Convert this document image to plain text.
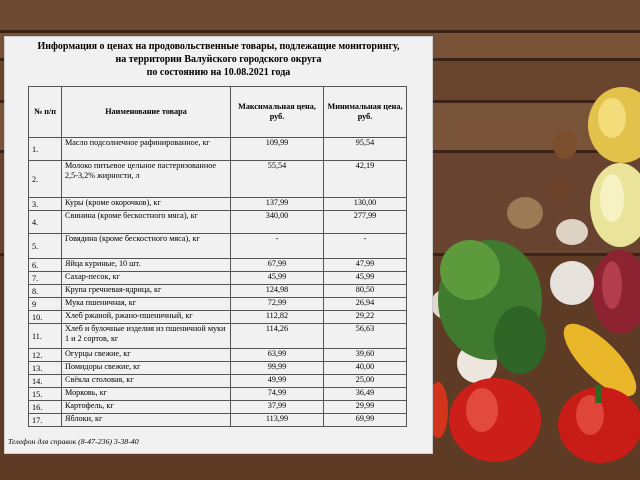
Информация о ценах на продовольственные товары, подлежащие мониторингу,
на территории Валуйского городского округа
по состоянию на 10.08.2021 года
№ п/п	Наименование товара	Максимальная цена, руб.	Минимальная цена, руб.
1.	Масло подсолнечное рафинированное, кг	109,99	95,54
2.	Молоко питьевое цельное пастеризованное 2,5-3,2% жирности, л	55,54	42,19
3.	Куры (кроме окорочков), кг	137,99	130,00
4.	Свинина (кроме бескостного мяса), кг	340,00	277,99
5.	Говядина (кроме бескостного мяса), кг	-	-
6.	Яйца куриные, 10 шт.	67,99	47,99
7.	Сахар-песок, кг	45,99	45,99
8.	Крупа гречневая-ядрица, кг	124,98	80,50
9	Мука пшеничная, кг	72,99	26,94
10.	Хлеб ржаной, ржано-пшеничный, кг	112,82	29,22
11.	Хлеб и булочные изделия из пшеничной муки 1 и 2 сортов, кг	114,26	56,63
12.	Огурцы свежие, кг	63,99	39,60
13.	Помидоры свежие, кг	99,99	40,00
14.	Свёкла столовая, кг	49,99	25,00
15.	Морковь, кг	74,99	36,49
16.	Картофель, кг	37,99	29,99
17.	Яблоки, кг	113,99	69,99
Телефон для справок (8-47-236) 3-38-40
